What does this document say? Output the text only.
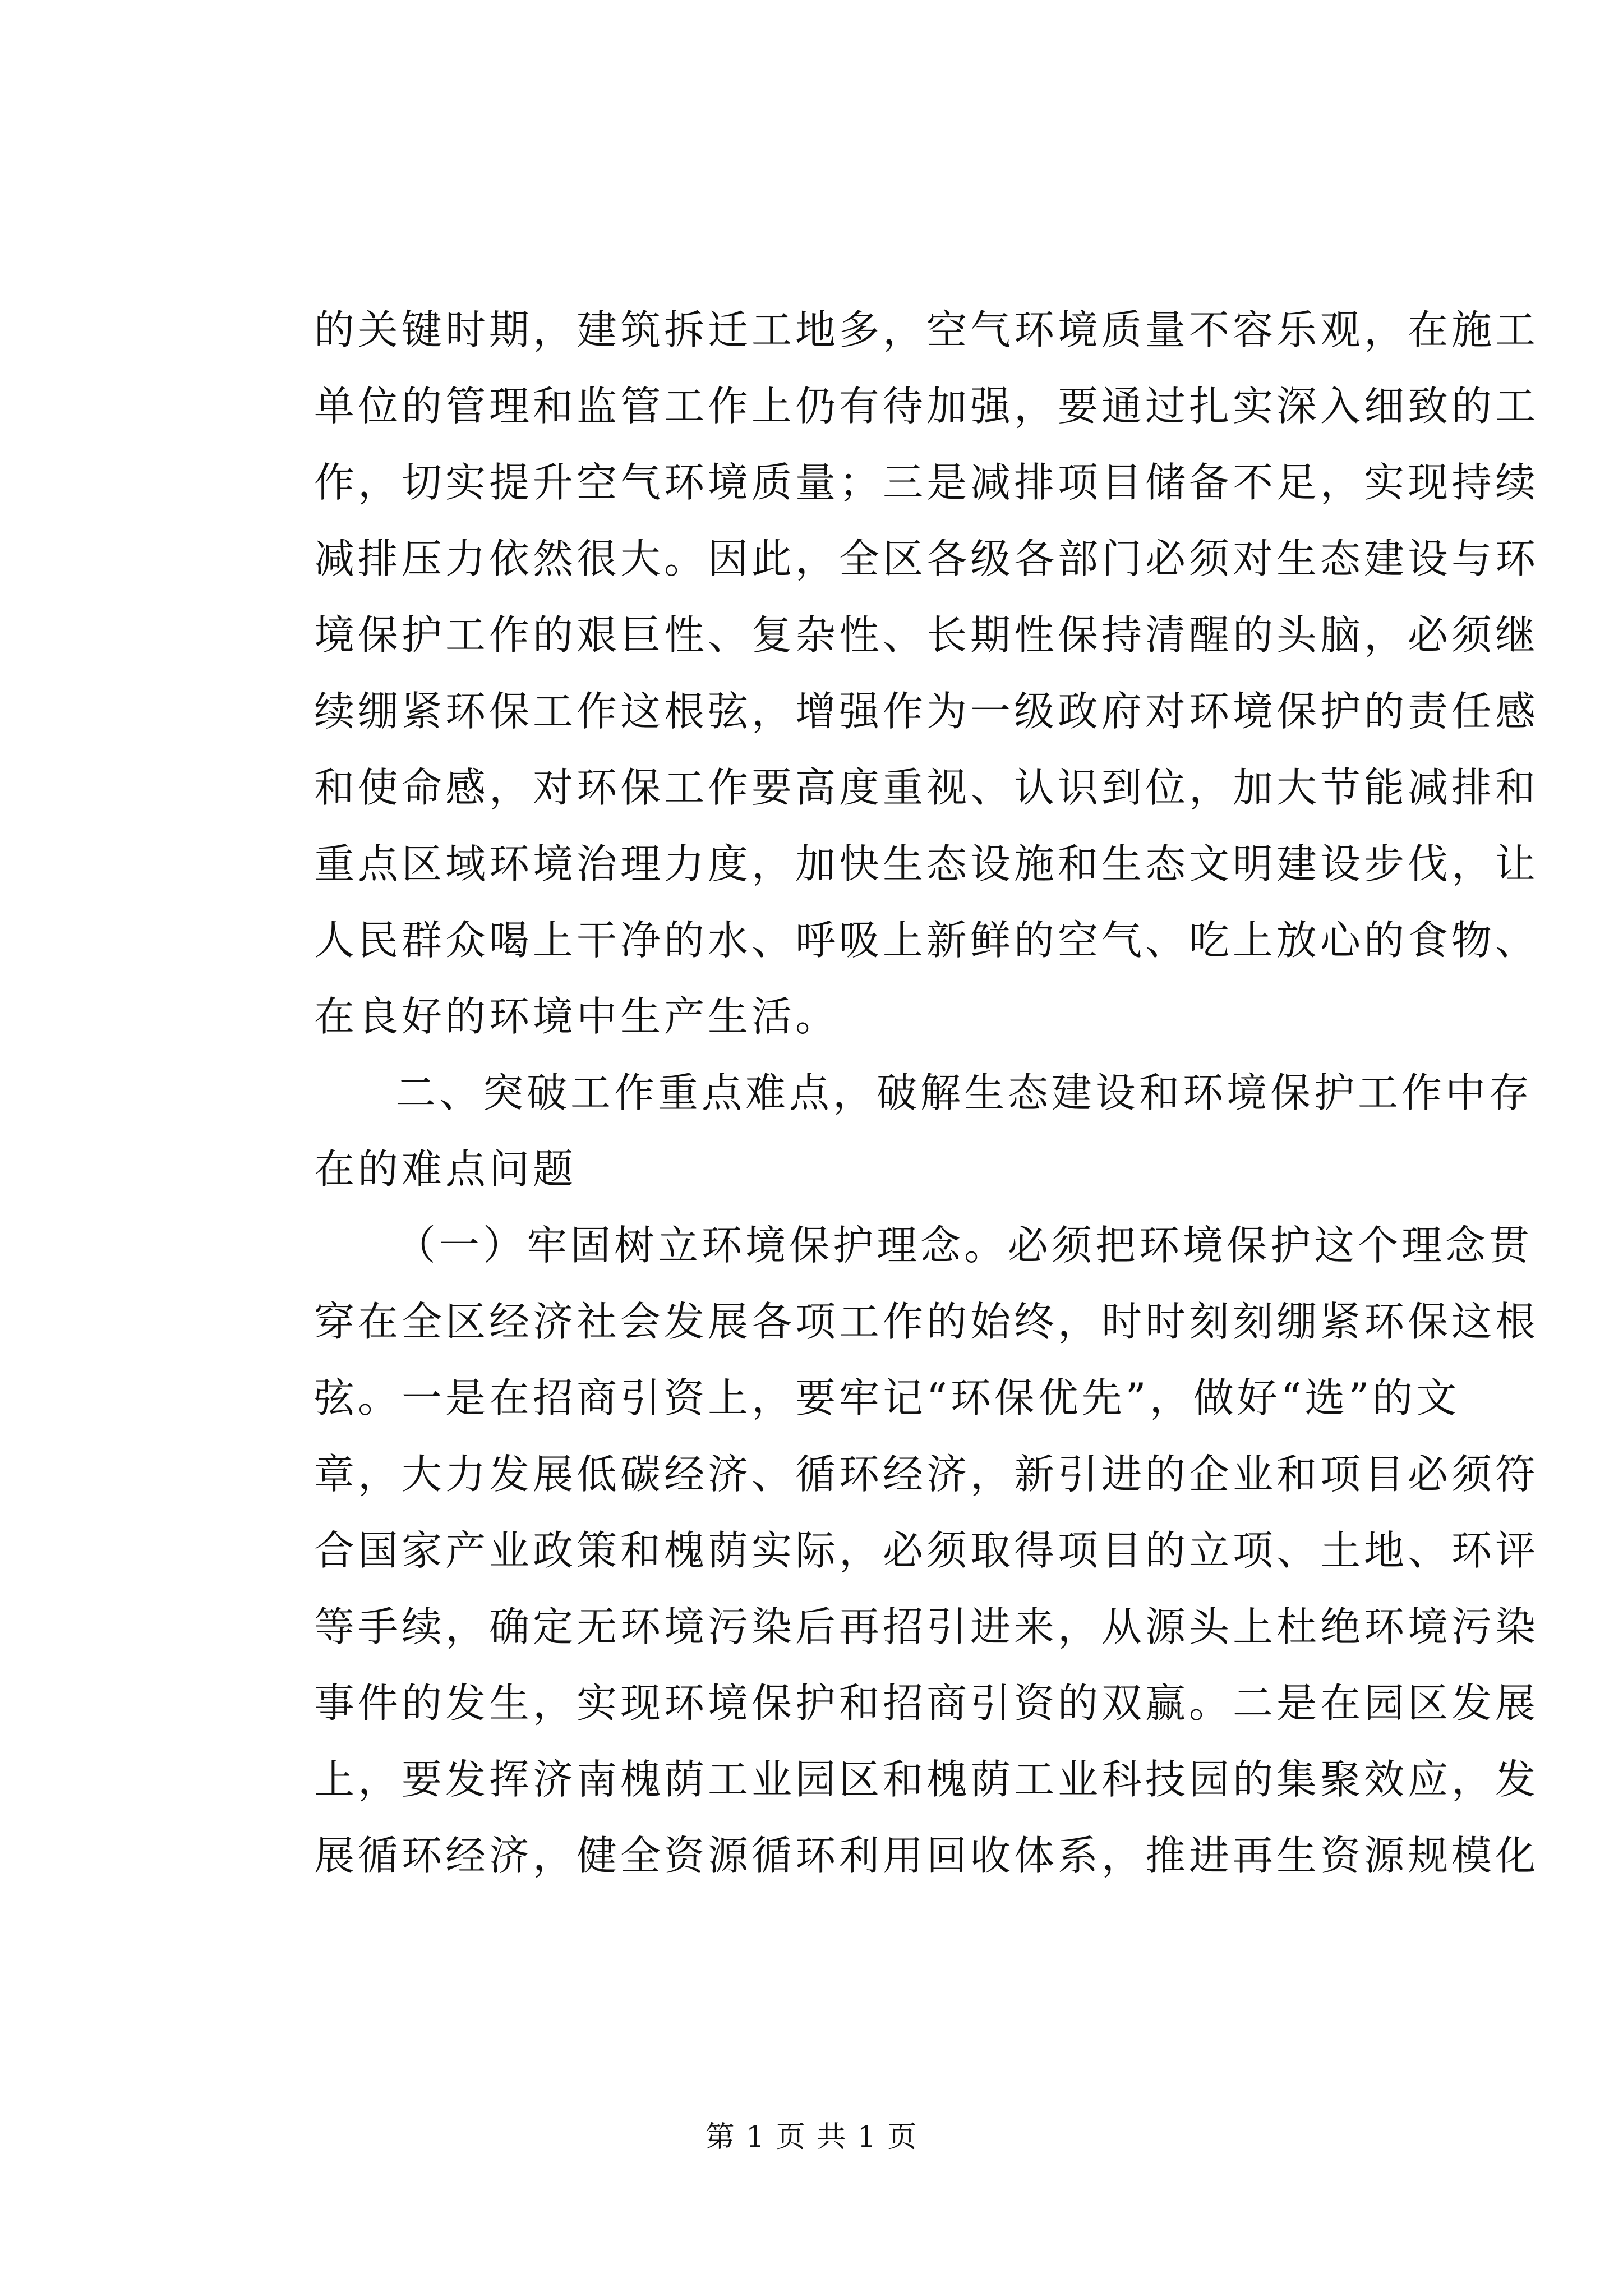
的关键时期，建筑拆迁工地多，空气环境质量不容乐观，在施工

单位的管理和监管工作上仍有待加强，要通过扎实深入细致的工

作，切实提升空气环境质量；三是减排项目储备不足，实现持续

减排压力依然很大。因此，全区各级各部门必须对生态建设与环

境保护工作的艰巨性、复杂性、长期性保持清醒的头脑，必须继

续绷紧环保工作这根弦，增强作为一级政府对环境保护的责任感

和使命感，对环保工作要高度重视、认识到位，加大节能减排和

重点区域环境治理力度，加快生态设施和生态文明建设步伐，让

人民群众喝上干净的水、呼吸上新鲜的空气、吃上放心的食物、

在良好的环境中生产生活。

二、突破工作重点难点，破解生态建设和环境保护工作中存

在的难点问题

（一）牢固树立环境保护理念。必须把环境保护这个理念贯

穿在全区经济社会发展各项工作的始终，时时刻刻绷紧环保这根

弦。一是在招商引资上，要牢记“环保优先”，做好“选”的文

章，大力发展低碳经济、循环经济，新引进的企业和项目必须符

合国家产业政策和槐荫实际，必须取得项目的立项、土地、环评

等手续，确定无环境污染后再招引进来，从源头上杜绝环境污染

事件的发生，实现环境保护和招商引资的双赢。二是在园区发展

上，要发挥济南槐荫工业园区和槐荫工业科技园的集聚效应，发

展循环经济，健全资源循环利用回收体系，推进再生资源规模化

第 1 页 共 1 页
